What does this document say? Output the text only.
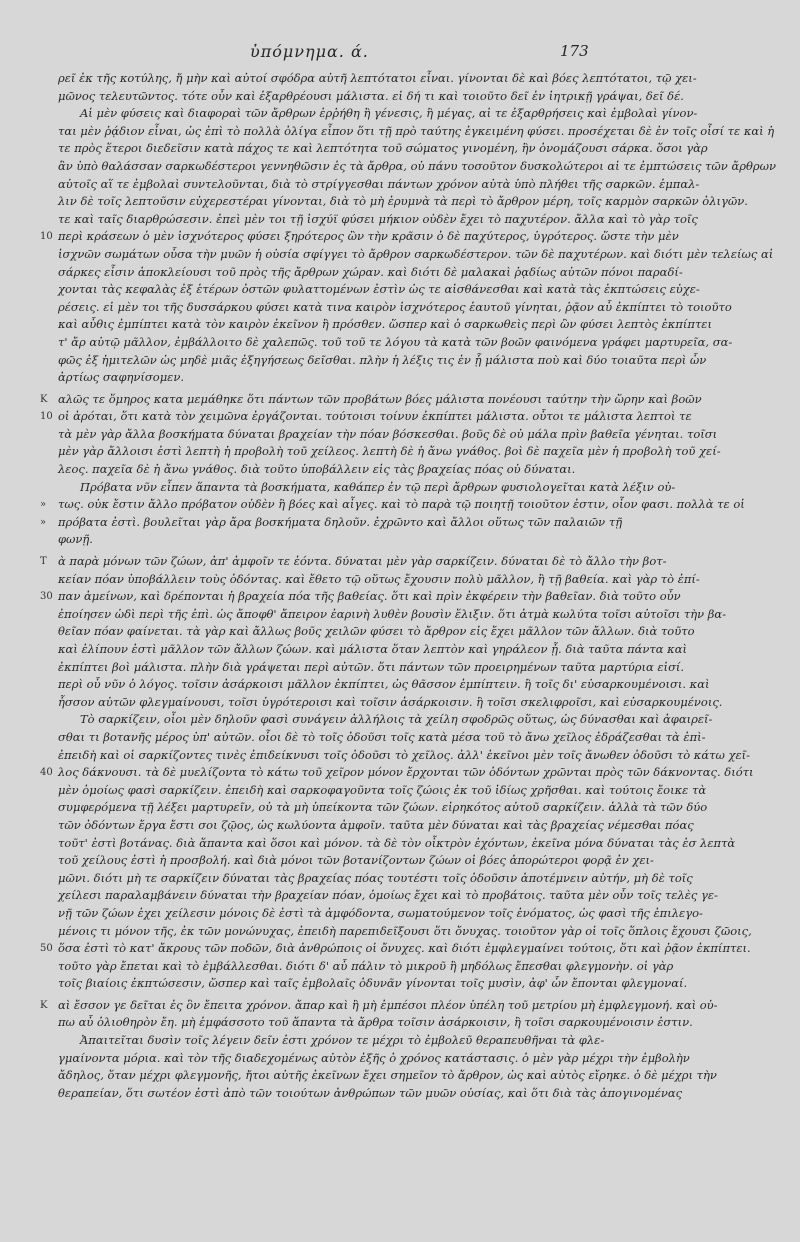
ὑπόμνημα. ά.	173
ρεῖ ἐκ τῆς κοτύλης, ἤ μὴν καὶ αὐτοί σφόδρα αὐτῆ λεπτότατοι εἶναι. γίνονται δὲ καὶ βόες λεπτότατοι, τῷ χει-
μῶνος τελευτῶντος. τότε οὖν καὶ ἐξαρθρέουσι μάλιστα. εἰ δή τι καὶ τοιοῦτο δεῖ ἐν ἰητρικῇ γράψαι, δεῖ δέ.
Αἱ μὲν φύσεις καὶ διαφοραὶ τῶν ἄρθρων ἐρῥήθη ἢ γένεσις, ἢ μέγας, αἱ τε ἐξαρθρήσεις καὶ ἐμβολαὶ γίνον-
ται μὲν ῥᾴδιον εἶναι, ὡς ἐπὶ τὸ πολλὰ ὀλίγα εἶπον ὅτι τῇ πρὸ ταύτης ἐγκειμένη φύσει. προσέχεται δὲ ἐν τοῖς οἷσί τε καὶ ἡ
τε πρὸς ἕτεροι διεδεῖσιν κατὰ πάχος τε καὶ λεπτότητα τοῦ σώματος γινομένη, ἣν ὀνομάζουσι σάρκα. ὅσοι γὰρ
ἂν ὑπὸ θαλάσσαν σαρκωδέστεροι γεννηθῶσιν ἐς τὰ ἄρθρα, οὐ πάνυ τοσοῦτον δυσκολώτεροι αἱ τε ἐμπτώσεις τῶν ἄρθρων
αὐτοῖς αἵ τε ἐμβολαὶ συντελοῦνται, διὰ τὸ στρίγγεσθαι πάντων χρόνον αὐτὰ ὑπὸ πλήθει τῆς σαρκῶν. ἐμπαλ-
λιν δὲ τοῖς λεπτοῦσιν εὐχερεστέραι γίνονται, διὰ τὸ μὴ ἐρυμνὰ τὰ περὶ τὸ ἄρθρον μέρη, τοῖς καρμὸν σαρκῶν ὀλιγῶν.
τε καὶ ταῖς διαρθρώσεσιν. ἐπεὶ μὲν τοι τῇ ἰσχύϊ φύσει μήκιον οὐδὲν ἔχει τὸ παχυτέρον. ἄλλα καὶ τὸ γὰρ τοῖς
10 περὶ κράσεων ὁ μὲν ἰσχνότερος φύσει ξηρότερος ὢν τὴν κρᾶσιν ὁ δὲ παχύτερος, ὑγρότερος. ὥστε τὴν μὲν
ἰσχνῶν σωμάτων οὖσα τὴν μυῶν ἡ οὐσία σφίγγει τὸ ἄρθρον σαρκωδέστερον. τῶν δὲ παχυτέρων. καὶ διότι μὲν τελείως αἱ
σάρκες εἶσιν ἀποκλείουσι τοῦ πρὸς τῆς ἄρθρων χώραν. καὶ διότι δὲ μαλακαὶ ῥᾳδίως αὐτῶν πόνοι παραδί-
χονται τὰς κεφαλὰς ἐξ ἑτέρων ὀστῶν φυλαττομένων ἐστὶν ὡς τε αἰσθάνεσθαι καὶ κατὰ τὰς ἐκπτώσεις εὐχε-
ρέσεις. εἰ μὲν τοι τῆς δυσσάρκου φύσει κατὰ τινα καιρὸν ἰσχνότερος ἑαυτοῦ γίνηται, ῥᾷον αὖ ἐκπίπτει τὸ τοιοῦτο
καὶ αὖθις ἐμπίπτει κατὰ τὸν καιρὸν ἐκεῖνον ἢ πρόσθεν. ὥσπερ καὶ ὁ σαρκωθεὶς περὶ ὢν φύσει λεπτὸς ἐκπίπτει
τ' ἄρ αὐτῷ μᾶλλον, ἐμβάλλοιτο δὲ χαλεπῶς. τοῦ τοῦ τε λόγου τὰ κατὰ τῶν βοῶν φαινόμενα γράφει μαρτυρεῖα, σα-
φῶς ἐξ ἡμιτελῶν ὡς μηδὲ μιᾶς ἐξηγήσεως δεῖσθαι. πλὴν ἡ λέξις τις ἐν ᾗ μάλιστα ποὺ καὶ δύο τοιαῦτα περὶ ὧν
ἀρτίως σαφηνίσομεν.
K αλῶς τε ὅμηρος κατα μεμάθηκε ὅτι πάντων τῶν προβάτων βόες μάλιστα πονέουσι ταύτην τὴν ὥρην καὶ βοῶν
10 οἱ ἀρόται, ὅτι κατὰ τὸν χειμῶνα ἐργάζονται. τούτοισι τοίνυν ἐκπίπτει μάλιστα. οὗτοι τε μάλιστα λεπτοὶ τε
τὰ μὲν γὰρ ἄλλα βοσκήματα δύναται βραχείαν τὴν πόαν βόσκεσθαι. βοῦς δὲ οὐ μάλα πρὶν βαθεῖα γένηται. τοῖσι
μὲν γὰρ ἄλλοισι ἐστὶ λεπτὴ ἡ προβολὴ τοῦ χείλεος. λεπτὴ δὲ ἡ ἄνω γνάθος. βοὶ δὲ παχεῖα μὲν ἡ προβολὴ τοῦ χεί-
λεος. παχεῖα δὲ ἡ ἄνω γνάθος. διὰ τοῦτο ὑποβάλλειν εἰς τὰς βραχείας πόας οὐ δύναται.
Πρόβατα νῦν εἶπεν ἅπαντα τὰ βοσκήματα, καθάπερ ἐν τῷ περὶ ἄρθρων φυσιολογεῖται κατὰ λέξιν οὐ-
»	τως. οὐκ ἔστιν ἄλλο πρόβατον οὐδὲν ἢ βόες καὶ αἶγες. καὶ τὸ παρὰ τῷ ποιητῇ τοιοῦτον ἐστιν, οἷον φασι. πολλὰ τε οἱ
»	πρόβατα ἐστὶ. βουλεῖται γὰρ ἄρα βοσκήματα δηλοῦν. ἐχρῶντο καὶ ἄλλοι οὕτως τῶν παλαιῶν τῇ
φωνῇ.
T ὰ παρὰ μόνων τῶν ζώων, ἀπ' ἀμφοῖν τε ἐόντα. δύναται μὲν γὰρ σαρκίζειν. δύναται δὲ τὸ ἄλλο τὴν βοτ-
κείαν πόαν ὑποβάλλειν τοὺς ὀδόντας. καὶ ἔθετο τῷ οὕτως ἔχουσιν πολὺ μᾶλλον, ἢ τῇ βαθεία. καὶ γὰρ τὸ ἐπί-
30 παν ἀμείνων, καὶ δρέπονται ἡ βραχεία πόα τῆς βαθείας. ὅτι καὶ πρὶν ἐκφέρειν τὴν βαθεῖαν. διὰ τοῦτο οὖν
ἐποίησεν ὡδὶ περὶ τῆς ἐπὶ. ὡς ἄποφθ' ἄπειρον ἐαρινὴ λυθὲν βουσὶν ἕλιξιν. ὅτι ἀτμὰ κωλύτα τοῖσι αὐτοῖσι τὴν βα-
θεῖαν πόαν φαίνεται. τὰ γὰρ καὶ ἄλλως βοῦς χειλῶν φύσει τὸ ἄρθρον εἰς ἔχει μᾶλλον τῶν ἄλλων. διὰ τοῦτο
καὶ ἐλίπουν ἐστὶ μᾶλλον τῶν ἄλλων ζώων. καὶ μάλιστα ὅταν λεπτὸν καὶ γηράλεον ᾖ. διὰ ταῦτα πάντα καὶ
ἐκπίπτει βοὶ μάλιστα. πλὴν διὰ γράψεται περὶ αὐτῶν. ὅτι πάντων τῶν προειρημένων ταῦτα μαρτύρια εἰσί.
περὶ οὗ νῦν ὁ λόγος. τοῖσιν ἀσάρκοισι μᾶλλον ἐκπίπτει, ὡς θᾶσσον ἐμπίπτειν. ἢ τοῖς δι' εὐσαρκουμένοισι. καὶ
ἧσσον αὐτῶν φλεγμαίνουσι, τοῖσι ὑγρότεροισι καὶ τοῖσιν ἀσάρκοισιν. ἢ τοῖσι σκελιφροῖσι, καὶ εὐσαρκουμένοις.
Τὸ σαρκίζειν, οἷοι μὲν δηλοῦν φασὶ συνάγειν ἀλλήλοις τὰ χείλη σφοδρῶς οὕτως, ὡς δύνασθαι καὶ ἀφαιρεῖ-
σθαι τι βοτανῆς μέρος ὑπ' αὐτῶν. οἷοι δὲ τὸ τοῖς ὀδοῦσι τοῖς κατὰ μέσα τοῦ τὸ ἄνω χεῖλος ἐδράζεσθαι τὰ ἐπὶ-
ἐπειδὴ καὶ οἱ σαρκίζοντες τινὲς ἐπιδείκνυσι τοῖς ὀδοῦσι τὸ χεῖλος. ἀλλ' ἐκεῖνοι μὲν τοῖς ἄνωθεν ὀδοῦσι τὸ κάτω χεῖ-
40 λος δάκνουσι. τὰ δὲ μυελίζοντα τὸ κάτω τοῦ χεῖρον μόνον ἔρχονται τῶν ὀδόντων χρῶνται πρὸς τῶν δάκνοντας. διότι
μὲν ὁμοίως φασὶ σαρκίζειν. ἐπειδὴ καὶ σαρκοφαγοῦντα τοῖς ζώοις ἐκ τοῦ ἰδίως χρῆσθαι. καὶ τούτοις ἔοικε τὰ
συμφερόμενα τῇ λέξει μαρτυρεῖν, οὐ τὰ μὴ ὑπείκοντα τῶν ζώων. εἰρηκότος αὐτοῦ σαρκίζειν. ἀλλὰ τὰ τῶν δύο
τῶν ὀδόντων ἔργα ἔστι σοι ζῷος, ὡς κωλύοντα ἀμφοῖν. ταῦτα μὲν δύναται καὶ τὰς βραχείας νέμεσθαι πόας
τοῦτ' ἐστὶ βοτάνας. διὰ ἅπαντα καὶ ὅσοι καὶ μόνον. τὰ δὲ τὸν οἷκτρὸν ἐχόντων, ἐκεῖνα μόνα δύναται τὰς ἐσ λεπτὰ
τοῦ χείλους ἐστὶ ἡ προσβολή. καὶ διὰ μόνοι τῶν βοτανίζοντων ζώων οἱ βόες ἀπορώτεροι φορᾷ ἐν χει-
μῶνι. διότι μὴ τε σαρκίζειν δύναται τὰς βραχείας πόας τουτέστι τοῖς ὀδοῦσιν ἀποτέμνειν αὐτήν, μὴ δὲ τοῖς
χείλεσι παραλαμβάνειν δύναται τὴν βραχείαν πόαν, ὁμοίως ἔχει καὶ τὸ προβάτοις. ταῦτα μὲν οὖν τοῖς τελὲς γε-
νῇ τῶν ζώων ἐχει χείλεσιν μόνοις δὲ ἐστὶ τὰ ἀμφόδοντα, σωματούμενον τοῖς ἐνόματος, ὡς φασὶ τῆς ἐπιλεγο-
μένοις τι μόνον τῆς, ἐκ τῶν μονώνυχας, ἐπειδὴ παρεπιδεῖξουσι ὅτι ὄνυχας. τοιοῦτον γὰρ οἱ τοῖς ὅπλοις ἔχουσι ζῶοις,
50 ὅσα ἐστὶ τὸ κατ' ἄκρους τῶν ποδῶν, διὰ ἀνθρώποις οἱ ὄνυχες. καὶ διότι ἐμφλεγμαίνει τούτοις, ὅτι καὶ ῥᾷον ἐκπίπτει.
τοῦτο γὰρ ἔπεται καὶ τὸ ἐμβάλλεσθαι. διότι δ' αὖ πάλιν τὸ μικροῦ ἢ μηδόλως ἔπεσθαι φλεγμονὴν. οἱ γὰρ
τοῖς βιαίοις ἐκπτώσεσιν, ὥσπερ καὶ ταῖς ἐμβολαῖς ὀδυνᾶν γίνονται τοῖς μυσὶν, ἀφ' ὧν ἔπονται φλεγμοναί.
K αὶ ἔσσον γε δεῖται ἐς ὃν ἔπειτα χρόνον. ἄπαρ καὶ ἢ μὴ ἐμπέσοι πλέον ὑπέλη τοῦ μετρίου μὴ ἐμφλεγμονή. καὶ οὐ-
πω αὖ ὁλιοθηρὸν ἔη. μὴ ἐμφάσσοτο τοῦ ἅπαντα τὰ ἄρθρα τοῖσιν ἀσάρκοισιν, ἢ τοῖσι σαρκουμένοισιν ἐστιν.
Ἀπαιτεῖται δυσὶν τοῖς λέγειν δεῖν ἐστι χρόνον τε μέχρι τὸ ἐμβολεῦ θεραπευθῆναι τὰ φλε-
γμαίνοντα μόρια. καὶ τὸν τῆς διαδεχομένως αὐτὸν ἐξῆς ὁ χρόνος κατάστασις. ὁ μὲν γὰρ μέχρι τὴν ἐμβολὴν
ἄδηλος, ὅταν μέχρι φλεγμονῆς, ἤτοι αὐτῆς ἐκεῖνων ἔχει σημεῖον τὸ ἄρθρον, ὡς καὶ αὐτὸς εἴρηκε. ὁ δὲ μέχρι τὴν
θεραπείαν, ὅτι σωτέον ἐστὶ ἀπὸ τῶν τοιούτων ἀνθρώπων τῶν μυῶν οὐσίας, καὶ ὅτι διὰ τὰς ἀπογινομένας
